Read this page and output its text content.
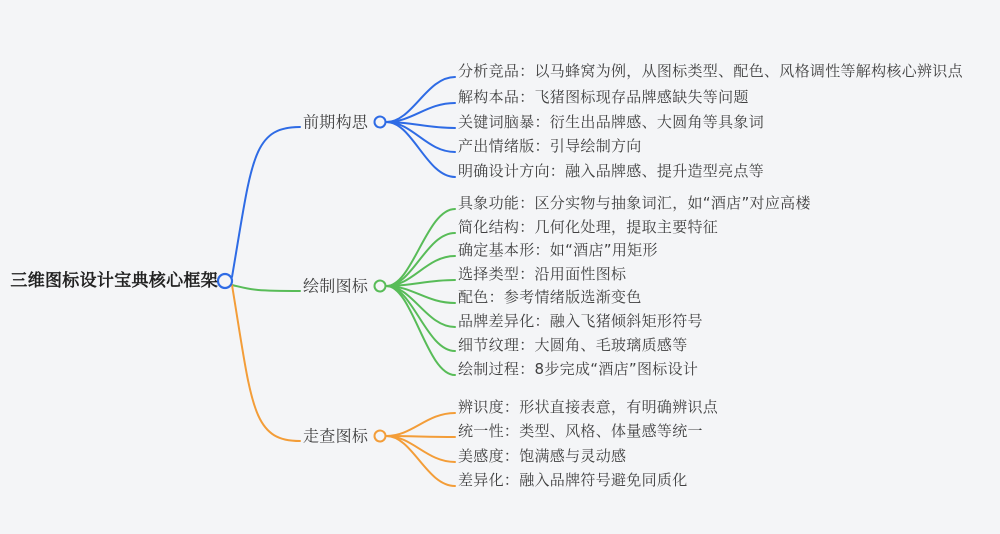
前期构思
分析竞品：以马蜂窝为例，从图标类型、配色、风格调性等解构核心辨识点
解构本品：飞猪图标现存品牌感缺失等问题
关键词脑暴：衍生出品牌感、大圆角等具象词
产出情绪版：引导绘制方向
明确设计方向：融入品牌感、提升造型亮点等
绘制图标
具象功能：区分实物与抽象词汇，如“酒店”对应高楼
简化结构：几何化处理，提取主要特征
确定基本形：如“酒店”用矩形
选择类型：沿用面性图标
配色：参考情绪版选渐变色
品牌差异化：融入飞猪倾斜矩形符号
细节纹理：大圆角、毛玻璃质感等
绘制过程：8步完成“酒店”图标设计
走查图标
辨识度：形状直接表意，有明确辨识点
统一性：类型、风格、体量感等统一
美感度：饱满感与灵动感
差异化：融入品牌符号避免同质化
三维图标设计宝典核心框架
